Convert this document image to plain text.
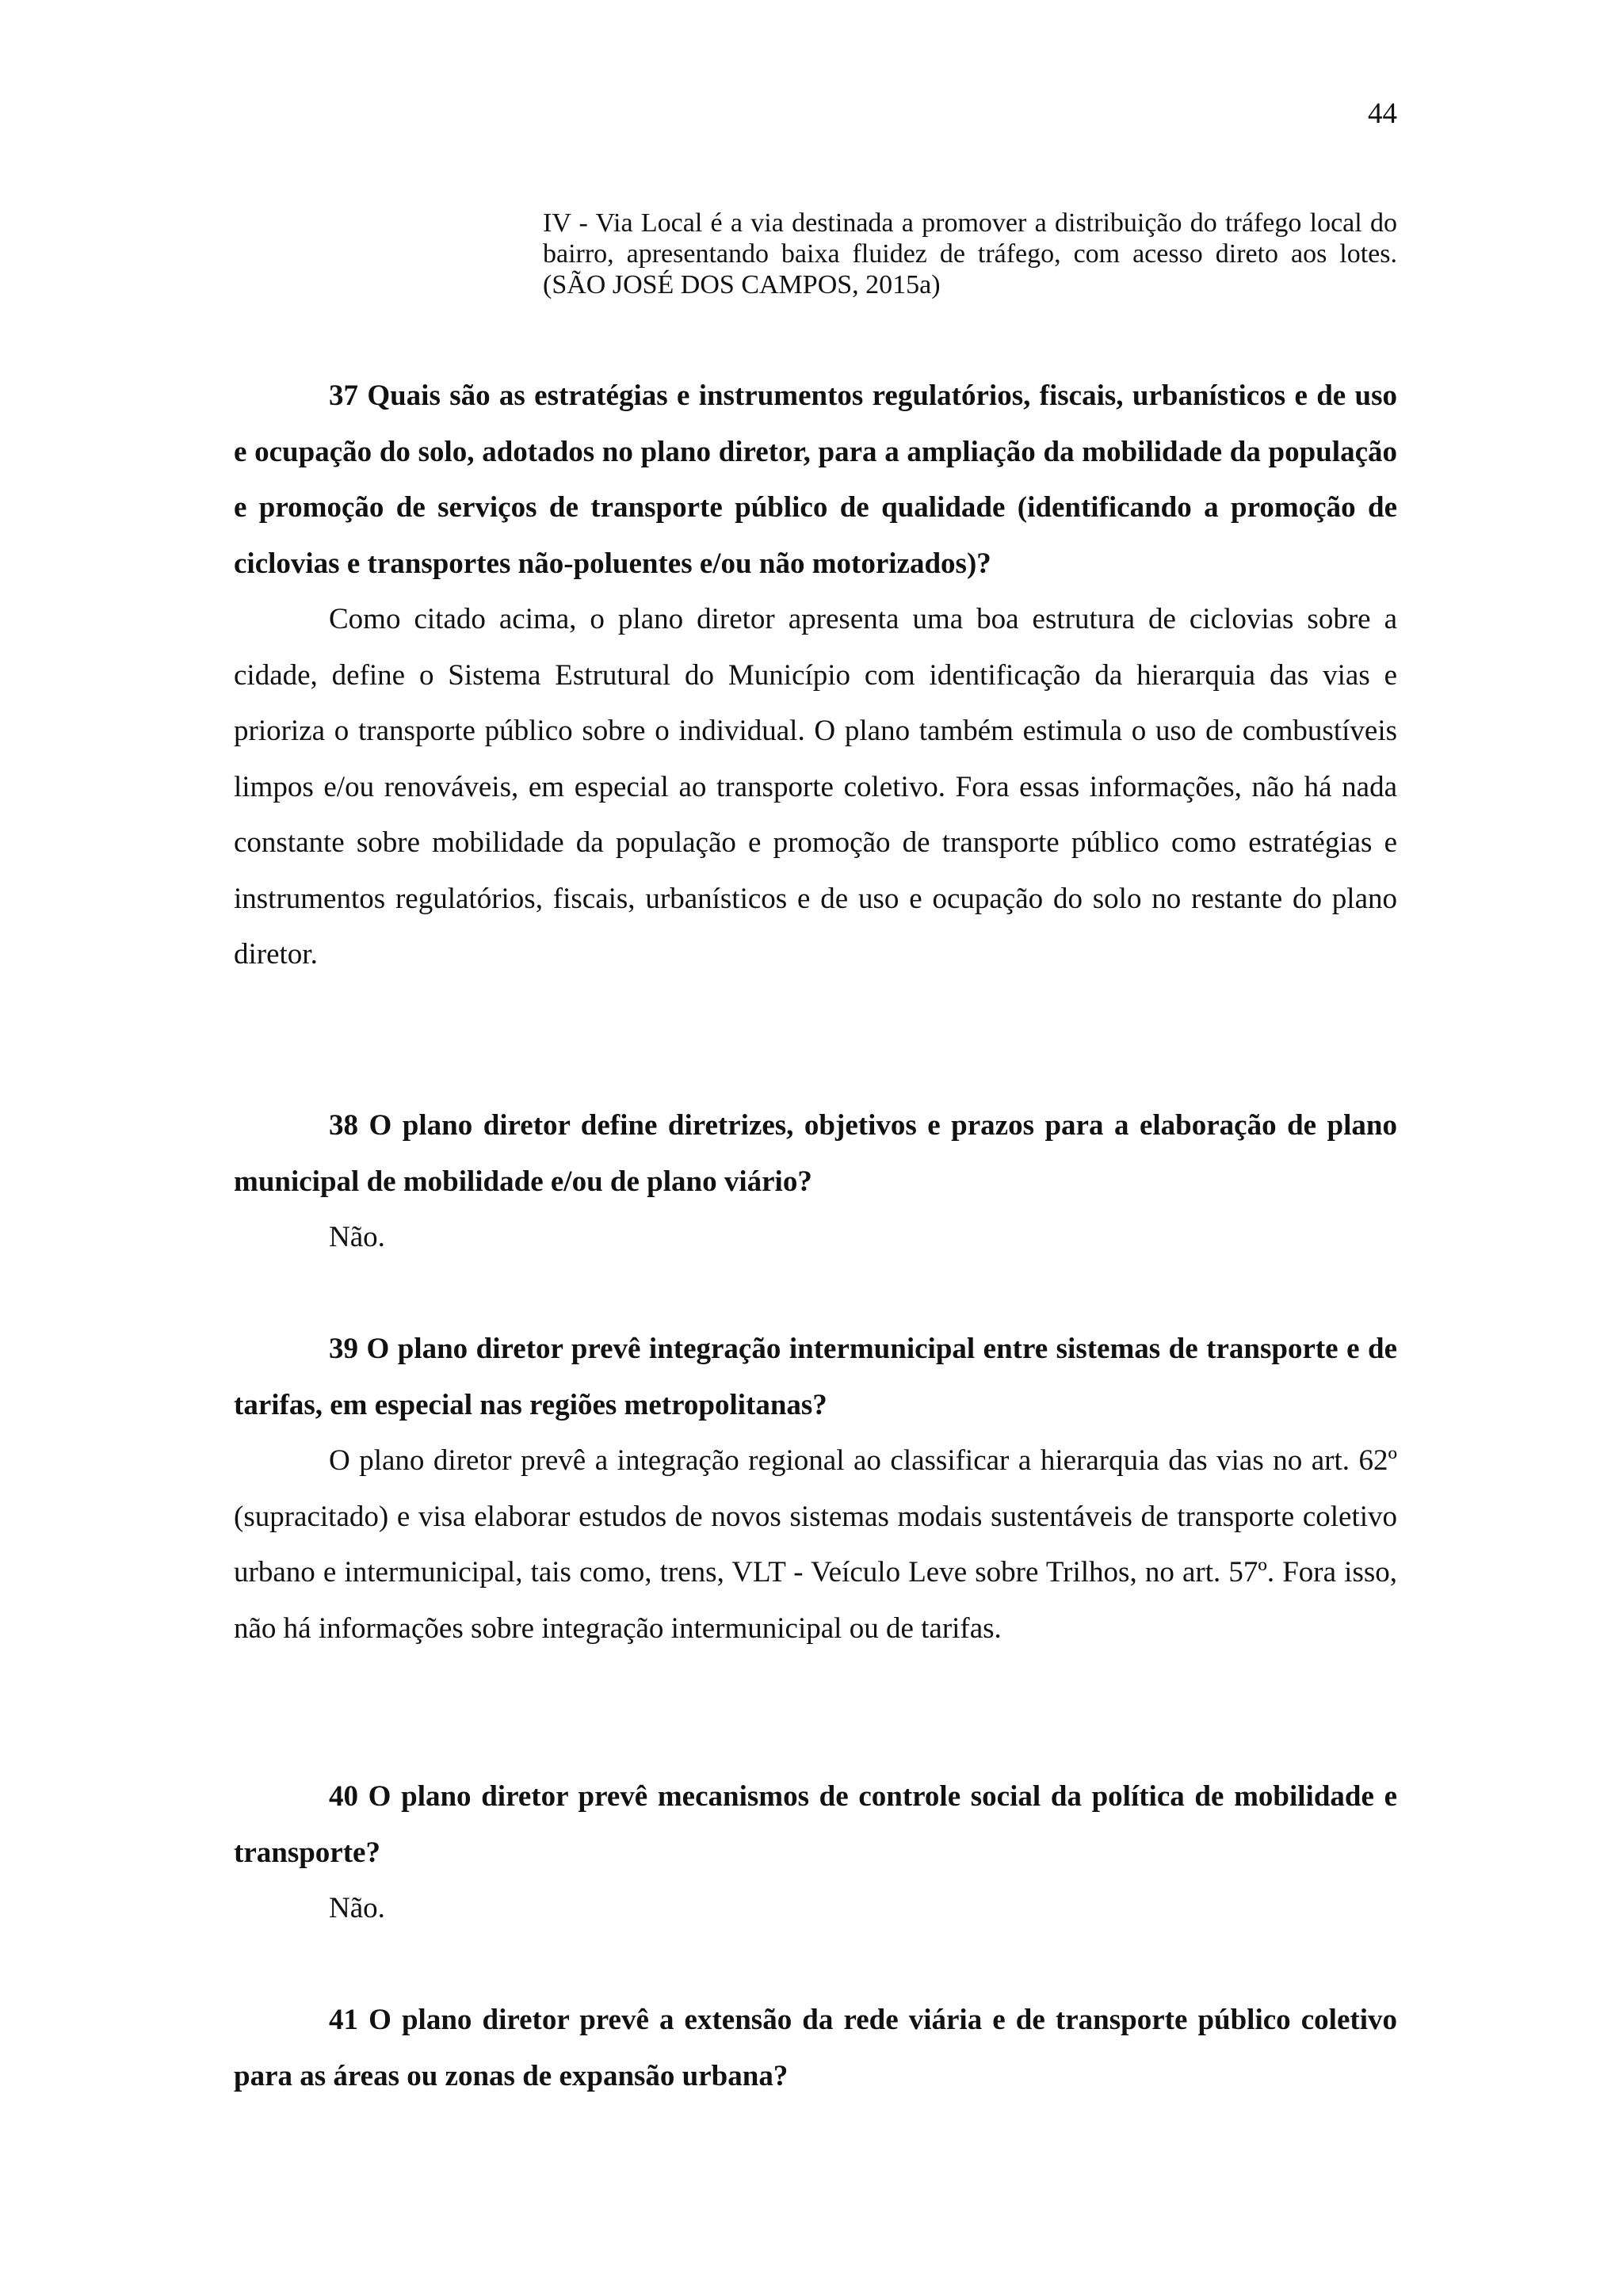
44

IV - Via Local é a via destinada a promover a distribuição do tráfego local do bairro, apresentando baixa fluidez de tráfego, com acesso direto aos lotes. (SÃO JOSÉ DOS CAMPOS, 2015a)

37 Quais são as estratégias e instrumentos regulatórios, fiscais, urbanísticos e de uso e ocupação do solo, adotados no plano diretor, para a ampliação da mobilidade da população e promoção de serviços de transporte público de qualidade (identificando a promoção de ciclovias e transportes não-poluentes e/ou não motorizados)?

Como citado acima, o plano diretor apresenta uma boa estrutura de ciclovias sobre a cidade, define o Sistema Estrutural do Município com identificação da hierarquia das vias e prioriza o transporte público sobre o individual. O plano também estimula o uso de combustíveis limpos e/ou renováveis, em especial ao transporte coletivo. Fora essas informações, não há nada constante sobre mobilidade da população e promoção de transporte público como estratégias e instrumentos regulatórios, fiscais, urbanísticos e de uso e ocupação do solo no restante do plano diretor.

38 O plano diretor define diretrizes, objetivos e prazos para a elaboração de plano municipal de mobilidade e/ou de plano viário?

Não.

39 O plano diretor prevê integração intermunicipal entre sistemas de transporte e de tarifas, em especial nas regiões metropolitanas?

O plano diretor prevê a integração regional ao classificar a hierarquia das vias no art. 62º (supracitado) e visa elaborar estudos de novos sistemas modais sustentáveis de transporte coletivo urbano e intermunicipal, tais como, trens, VLT - Veículo Leve sobre Trilhos, no art. 57º. Fora isso, não há informações sobre integração intermunicipal ou de tarifas.

40 O plano diretor prevê mecanismos de controle social da política de mobilidade e transporte?

Não.

41 O plano diretor prevê a extensão da rede viária e de transporte público coletivo para as áreas ou zonas de expansão urbana?
